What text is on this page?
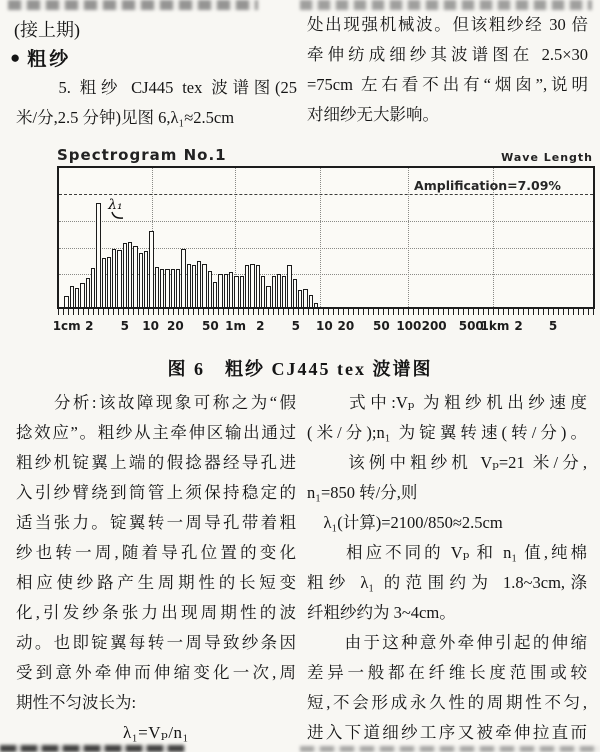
(接上期)
● 粗纱
　　5. 粗纱 CJ445 tex 波谱图(25
米/分,2.5 分钟)见图 6,λ₁≈2.5cm
处出现强机械波。但该粗纱经 30 倍
牵伸纺成细纱其波谱图在 2.5×30
=75cm 左右看不出有“烟囱”,说明
对细纱无大影响。
Spectrogram No.1	Wave Length
Amplification=7.09%
λ₁
1cm 2 5 10 20 50 1m 2 5 10 20 50 100 200 500
1km 2 5
图 6　粗纱 CJ445 tex 波谱图
　　分析:该故障现象可称之为“假
捻效应”。粗纱从主牵伸区输出通过
粗纱机锭翼上端的假捻器经导孔进
入引纱臂绕到筒管上须保持稳定的
适当张力。锭翼转一周导孔带着粗
纱也转一周,随着导孔位置的变化
相应使纱路产生周期性的长短变
化,引发纱条张力出现周期性的波
动。也即锭翼每转一周导致纱条因
受到意外牵伸而伸缩变化一次,周
期性不匀波长为:
λ₁=Vₚ/n₁
　　式中:Vₚ 为粗纱机出纱速度
(米/分);n₁ 为锭翼转速(转/分)。
　　该例中粗纱机 Vₚ=21 米/分,
n₁=850 转/分,则
　λ₁(计算)=2100/850≈2.5cm
　　相应不同的 Vₚ 和 n₁ 值,纯棉
粗纱 λ₁ 的范围约为 1.8~3cm,涤
纤粗纱约为 3~4cm。
　　由于这种意外牵伸引起的伸缩
差异一般都在纤维长度范围或较
短,不会形成永久性的周期性不匀,
进入下道细纱工序又被牵伸拉直而
